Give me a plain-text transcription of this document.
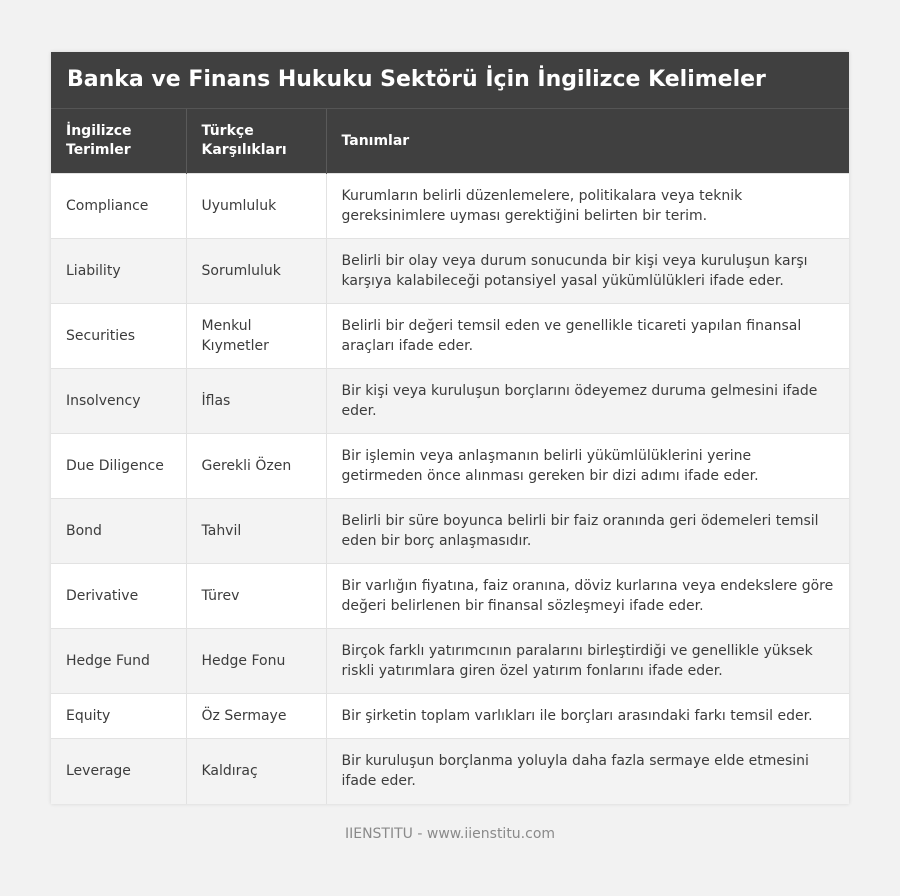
Banka ve Finans Hukuku Sektörü İçin İngilizce Kelimeler
İngilizce Terimler	Türkçe Karşılıkları	Tanımlar
Compliance	Uyumluluk	Kurumların belirli düzenlemelere, politikalara veya teknik gereksinimlere uyması gerektiğini belirten bir terim.
Liability	Sorumluluk	Belirli bir olay veya durum sonucunda bir kişi veya kuruluşun karşı karşıya kalabileceği potansiyel yasal yükümlülükleri ifade eder.
Securities	Menkul Kıymetler	Belirli bir değeri temsil eden ve genellikle ticareti yapılan finansal araçları ifade eder.
Insolvency	İflas	Bir kişi veya kuruluşun borçlarını ödeyemez duruma gelmesini ifade eder.
Due Diligence	Gerekli Özen	Bir işlemin veya anlaşmanın belirli yükümlülüklerini yerine getirmeden önce alınması gereken bir dizi adımı ifade eder.
Bond	Tahvil	Belirli bir süre boyunca belirli bir faiz oranında geri ödemeleri temsil eden bir borç anlaşmasıdır.
Derivative	Türev	Bir varlığın fiyatına, faiz oranına, döviz kurlarına veya endekslere göre değeri belirlenen bir finansal sözleşmeyi ifade eder.
Hedge Fund	Hedge Fonu	Birçok farklı yatırımcının paralarını birleştirdiği ve genellikle yüksek riskli yatırımlara giren özel yatırım fonlarını ifade eder.
Equity	Öz Sermaye	Bir şirketin toplam varlıkları ile borçları arasındaki farkı temsil eder.
Leverage	Kaldıraç	Bir kuruluşun borçlanma yoluyla daha fazla sermaye elde etmesini ifade eder.
IIENSTITU - www.iienstitu.com
